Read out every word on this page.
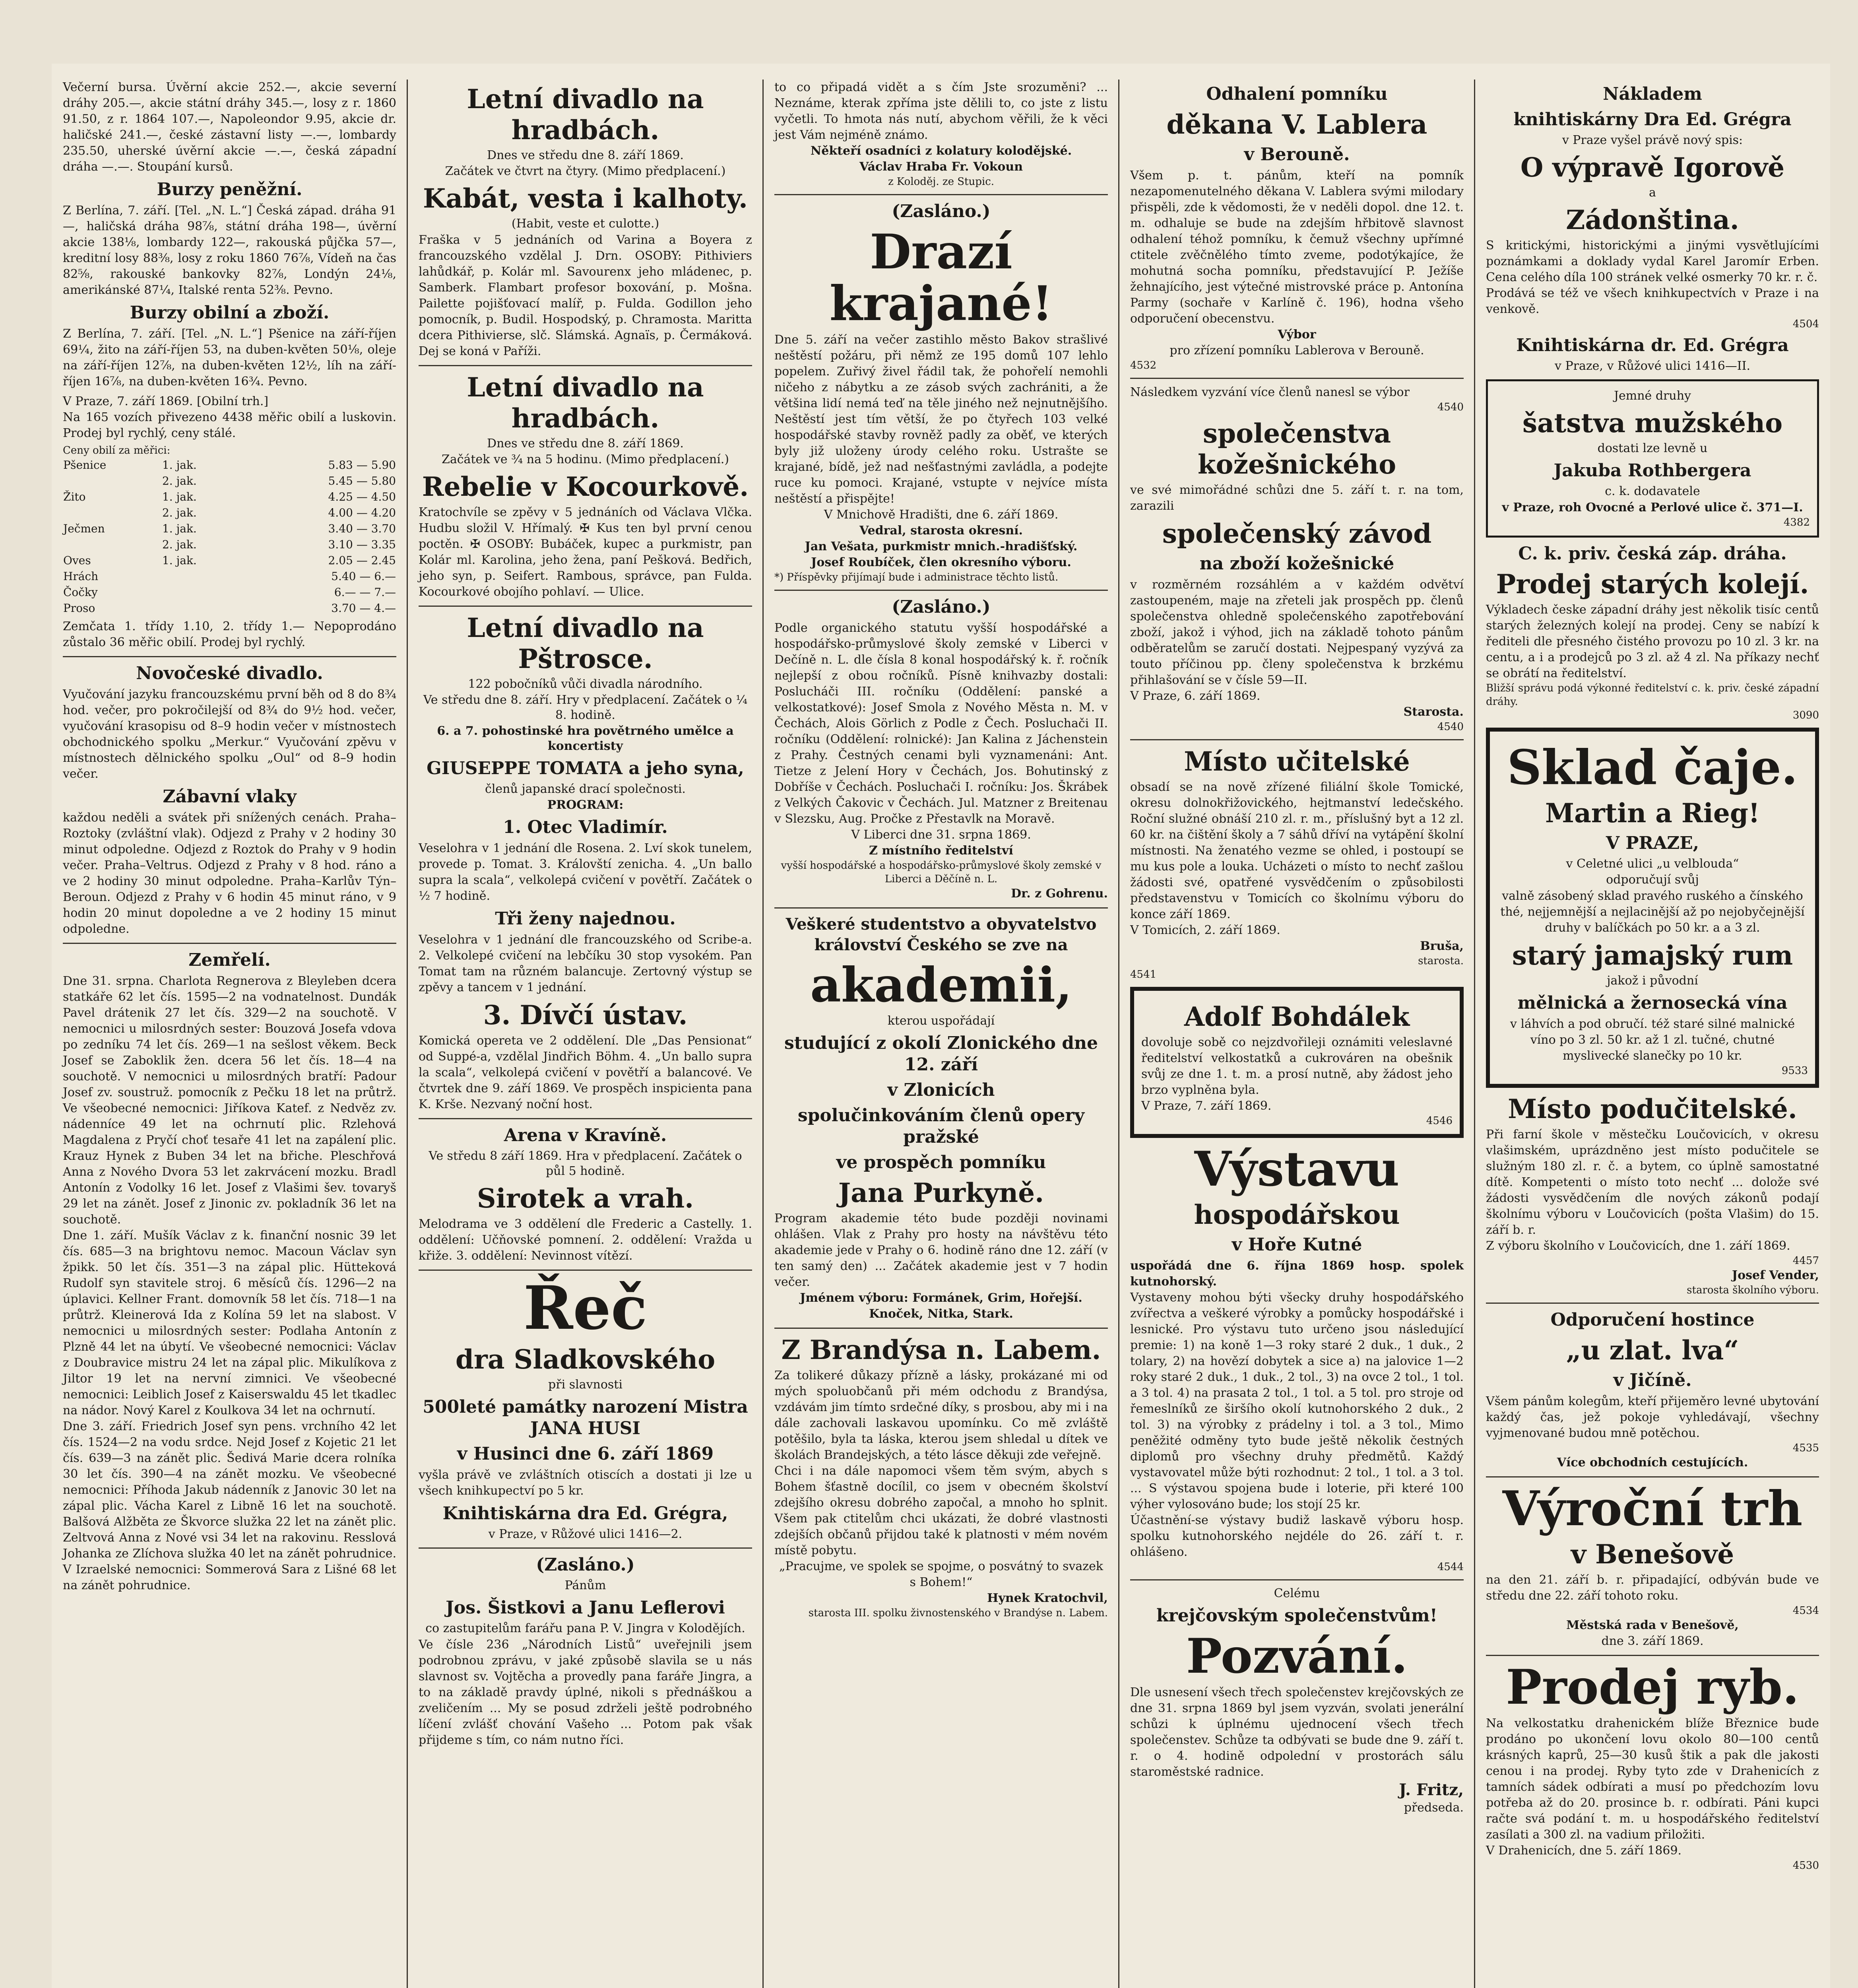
Večerní bursa. Úvěrní akcie 252.—, akcie severní dráhy 205.—, akcie státní dráhy 345.—, losy z r. 1860 91.50, z r. 1864 107.—, Napoleondor 9.95, akcie dr. haličské 241.—, české zástavní listy —.—, lombardy 235.50, uherské úvěrní akcie —.—, česká západní dráha —.—. Stoupání kursů.

Burzy peněžní.

Z Berlína, 7. září. [Tel. „N. L.“] Česká západ. dráha 91—, haličská dráha 98⅞, státní dráha 198—, úvěrní akcie 138⅛, lombardy 122—, rakouská půjčka 57—, kreditní losy 88⅜, losy z roku 1860 76⅞, Vídeň na čas 82⅝, rakouské bankovky 82⅞, Londýn 24⅛, amerikánské 87¼, Italské renta 52⅜. Pevno.

Burzy obilní a zboží.

Z Berlína, 7. září. [Tel. „N. L.“] Pšenice na září-říjen 69¼, žito na září-říjen 53, na duben-květen 50⅛, oleje na září-říjen 12⅞, na duben-květen 12½, líh na září-říjen 16⅞, na duben-květen 16¾. Pevno.

V Praze, 7. září 1869. [Obilní trh.]

Na 165 vozích přivezeno 4438 měřic obilí a luskovin. Prodej byl rychlý, ceny stálé.

Ceny obilí za měřici:

Pšenice	1. jak.	5.83 — 5.90
	2. jak.	5.45 — 5.80
Žito	1. jak.	4.25 — 4.50
	2. jak.	4.00 — 4.20
Ječmen	1. jak.	3.40 — 3.70
	2. jak.	3.10 — 3.35
Oves	1. jak.	2.05 — 2.45
Hrách		5.40 — 6.—
Čočky		6.— — 7.—
Proso		3.70 — 4.—

Zemčata 1. třídy 1.10, 2. třídy 1.— Nepoprodáno zůstalo 36 měřic obilí. Prodej byl rychlý.

Novočeské divadlo.

Vyučování jazyku francouzskému první běh od 8 do 8¾ hod. večer, pro pokročilejší od 8¾ do 9½ hod. večer, vyučování krasopisu od 8–9 hodin večer v místnostech obchodnického spolku „Merkur.“ Vyučování zpěvu v místnostech dělnického spolku „Oul“ od 8–9 hodin večer.

Zábavní vlaky

každou neděli a svátek při snížených cenách. Praha–Roztoky (zvláštní vlak). Odjezd z Prahy v 2 hodiny 30 minut odpoledne. Odjezd z Roztok do Prahy v 9 hodin večer. Praha–Veltrus. Odjezd z Prahy v 8 hod. ráno a ve 2 hodiny 30 minut odpoledne. Praha–Karlův Týn–Beroun. Odjezd z Prahy v 6 hodin 45 minut ráno, v 9 hodin 20 minut dopoledne a ve 2 hodiny 15 minut odpoledne.

Zemřelí.

Dne 31. srpna. Charlota Regnerova z Bleyleben dcera statkáře 62 let čís. 1595—2 na vodnatelnost. Dundák Pavel drátenik 27 let čís. 329—2 na souchotě. V nemocnici u milosrdných sester: Bouzová Josefa vdova po zedníku 74 let čís. 269—1 na sešlost věkem. Beck Josef se Zaboklik žen. dcera 56 let čís. 18—4 na souchotě. V nemocnici u milosrdných bratří: Padour Josef zv. soustruž. pomocník z Pečku 18 let na průtrž. Ve všeobecné nemocnici: Jiříkova Katef. z Nedvěz zv. nádenníce 49 let na ochrnutí plic. Rzlehová Magdalena z Pryčí choť tesaře 41 let na zapálení plic. Krauz Hynek z Buben 34 let na břiche. Pleschřová Anna z Nového Dvora 53 let zakrvácení mozku. Bradl Antonín z Vodolky 16 let. Josef z Vlašimi šev. tovaryš 29 let na zánět. Josef z Jinonic zv. pokladník 36 let na souchotě.

Dne 1. září. Mušík Václav z k. finanční nosnic 39 let čís. 685—3 na brightovu nemoc. Macoun Václav syn žpikk. 50 let čís. 351—3 na zápal plic. Hütteková Rudolf syn stavitele stroj. 6 měsíců čís. 1296—2 na úplavici. Kellner Frant. domovník 58 let čís. 718—1 na průtrž. Kleinerová Ida z Kolína 59 let na slabost. V nemocnici u milosrdných sester: Podlaha Antonín z Plzně 44 let na úbytí. Ve všeobecné nemocnici: Václav z Doubravice mistru 24 let na zápal plic. Mikulíkova z Jiltor 19 let na nervní zimnici. Ve všeobecné nemocnici: Leiblich Josef z Kaiserswaldu 45 let tkadlec na nádor. Nový Karel z Koulkova 34 let na ochrnutí.

Dne 3. září. Friedrich Josef syn pens. vrchního 42 let čís. 1524—2 na vodu srdce. Nejd Josef z Kojetic 21 let čís. 639—3 na zánět plic. Šedivá Marie dcera rolníka 30 let čís. 390—4 na zánět mozku. Ve všeobecné nemocnici: Příhoda Jakub nádenník z Janovic 30 let na zápal plic. Vácha Karel z Libně 16 let na souchotě. Balšová Alžběta ze Škvorce služka 22 let na zánět plic. Zeltvová Anna z Nové vsi 34 let na rakovinu. Resslová Johanka ze Zlíchova služka 40 let na zánět pohrudnice. V Izraelské nemocnici: Sommerová Sara z Lišné 68 let na zánět pohrudnice.

Letní divadlo na hradbách.
Dnes ve středu dne 8. září 1869.
Začátek ve čtvrt na čtyry. (Mimo předplacení.)
Kabát, vesta i kalhoty.
(Habit, veste et culotte.)

Fraška v 5 jednáních od Varina a Boyera z francouzského vzdělal J. Drn. OSOBY: Pithiviers lahůdkář, p. Kolár ml. Savourenx jeho mládenec, p. Samberk. Flambart profesor boxování, p. Mošna. Pailette pojišťovací malíř, p. Fulda. Godillon jeho pomocník, p. Budil. Hospodský, p. Chramosta. Maritta dcera Pithivierse, slč. Slámská. Agnaïs, p. Čermáková. Dej se koná v Paříži.

Letní divadlo na hradbách.
Dnes ve středu dne 8. září 1869.
Začátek ve ¾ na 5 hodinu. (Mimo předplacení.)
Rebelie v Kocourkově.

Kratochvíle se zpěvy v 5 jednáních od Václava Vlčka. Hudbu složil V. Hřímalý. ✠ Kus ten byl první cenou poctěn. ✠ OSOBY: Bubáček, kupec a purkmistr, pan Kolár ml. Karolina, jeho žena, paní Pešková. Bedřich, jeho syn, p. Seifert. Rambous, správce, pan Fulda. Kocourkové obojího pohlaví. — Ulice.

Letní divadlo na Pštrosce.
122 pobočníků vůči divadla národního.
Ve středu dne 8. září. Hry v předplacení. Začátek o ¼ 8. hodině.
6. a 7. pohostinské hra povětrného umělce a koncertisty
GIUSEPPE TOMATA a jeho syna,
členů japanské drací společnosti.
PROGRAM:
1. Otec Vladimír.

Veselohra v 1 jednání dle Rosena. 2. Lví skok tunelem, provede p. Tomat. 3. Královští zenicha. 4. „Un ballo supra la scala“, velkolepá cvičení v povětří. Začátek o ½ 7 hodině.

Tři ženy najednou.

Veselohra v 1 jednání dle francouzského od Scribe-a. 2. Velkolepé cvičení na lebčíku 30 stop vysokém. Pan Tomat tam na různém balancuje. Zertovný výstup se zpěvy a tancem v 1 jednání.

3. Dívčí ústav.

Komická opereta ve 2 oddělení. Dle „Das Pensionat“ od Suppé-a, vzdělal Jindřich Böhm. 4. „Un ballo supra la scala“, velkolepá cvičení v povětří a balancové. Ve čtvrtek dne 9. září 1869. Ve prospěch inspicienta pana K. Krše. Nezvaný noční host.

Arena v Kravíně.
Ve středu 8 září 1869. Hra v předplacení. Začátek o půl 5 hodině.
Sirotek a vrah.

Melodrama ve 3 oddělení dle Frederic a Castelly. 1. oddělení: Učňovské pomnení. 2. oddělení: Vražda u křiže. 3. oddělení: Nevinnost vítězí.

Řeč
dra Sladkovského
při slavnosti
500leté památky narození Mistra JANA HUSI
v Husinci dne 6. září 1869

vyšla právě ve zvláštních otiscích a dostati ji lze u všech knihkupectví po 5 kr.

Knihtiskárna dra Ed. Grégra,
v Praze, v Růžové ulici 1416—2.
(Zasláno.)
Pánům
Jos. Šistkovi a Janu Leflerovi
co zastupitelům farářu pana P. V. Jingra v Kolodějích.

Ve čísle 236 „Národních Listů“ uveřejnili jsem podrobnou zprávu, v jaké způsobě slavila se u nás slavnost sv. Vojtěcha a provedly pana faráře Jingra, a to na základě pravdy úplné, nikoli s přednáškou a zveličením ... My se posud zdrželi ještě podrobného líčení zvlášť chování Vašeho ... Potom pak však přijdeme s tím, co nám nutno říci.

to co připadá vidět a s čím Jste srozuměni? ... Neznáme, kterak zpříma jste dělili to, co jste z listu vyčetli. To hmota nás nutí, abychom věřili, že k věci jest Vám nejméně známo.

Někteří osadníci z kolatury kolodějské.

Václav Hraba Fr. Vokoun

z Koloděj. ze Stupic.

(Zasláno.)
Drazí krajané!

Dne 5. září na večer zastihlo město Bakov strašlivé neštěstí požáru, při němž ze 195 domů 107 lehlo popelem. Zuřivý živel řádil tak, že pohořelí nemohli ničeho z nábytku a ze zásob svých zachrániti, a že většina lidí nemá teď na těle jiného než nejnutnějšího. Neštěstí jest tím větší, že po čtyřech 103 velké hospodářské stavby rovněž padly za oběť, ve kterých byly již uloženy úrody celého roku. Ustrašte se krajané, bídě, jež nad nešťastnými zavládla, a podejte ruce ku pomoci. Krajané, vstupte v nejvíce místa neštěstí a přispějte!

V Mnichově Hradišti, dne 6. září 1869.

Vedral, starosta okresní.

Jan Vešata, purkmistr mnich.-hradišťský.

Josef Roubíček, člen okresního výboru.

*) Příspěvky přijímají bude i administrace těchto listů.

(Zasláno.)

Podle organického statutu vyšší hospodářské a hospodářsko-průmyslové školy zemské v Liberci v Dečíně n. L. dle čísla 8 konal hospodářský k. ř. ročník nejlepší z obou ročníků. Písně knihvazby dostali: Poslucháči III. ročníku (Oddělení: panské a velkostatkové): Josef Smola z Nového Města n. M. v Čechách, Alois Görlich z Podle z Čech. Posluchači II. ročníku (Oddělení: rolnické): Jan Kalina z Jáchenstein z Prahy. Čestných cenami byli vyznamenáni: Ant. Tietze z Jelení Hory v Čechách, Jos. Bohutinský z Dobříše v Čechách. Posluchači I. ročníku: Jos. Škrábek z Velkých Čakovic v Čechách. Jul. Matzner z Breitenau v Slezsku, Aug. Pročke z Přestavlk na Moravě.

V Liberci dne 31. srpna 1869.

Z místního ředitelství

vyšší hospodářské a hospodářsko-průmyslové školy zemské v Liberci a Děčíně n. L.

Dr. z Gohrenu.

Veškeré studentstvo a obyvatelstvo království Českého se zve na

akademii,
kterou uspořádají
studující z okolí Zlonického dne 12. září
v Zlonicích
spolučinkováním členů opery pražské
ve prospěch pomníku
Jana Purkyně.

Program akademie této bude později novinami ohlášen. Vlak z Prahy pro hosty na návštěvu této akademie jede v Prahy o 6. hodině ráno dne 12. září (v ten samý den) ... Začátek akademie jest v 7 hodin večer.

Jménem výboru: Formánek, Grim, Hořejší. Knoček, Nitka, Stark.

Z Brandýsa n. Labem.

Za tolikeré důkazy přízně a lásky, prokázané mi od mých spoluobčanů při mém odchodu z Brandýsa, vzdávám jim tímto srdečné díky, s prosbou, aby mi i na dále zachovali laskavou upomínku. Co mě zvláště potěšilo, byla ta láska, kterou jsem shledal u dítek ve školách Brandejských, a této lásce děkuji zde veřejně.

Chci i na dále napomoci všem těm svým, abych s Bohem šťastně docílil, co jsem v obecném školství zdejšího okresu dobrého započal, a mnoho ho splnit. Všem pak ctitelům chci ukázati, že dobré vlastnosti zdejších občanů přijdou také k platnosti v mém novém místě pobytu.

„Pracujme, ve spolek se spojme, o posvátný to svazek s Bohem!“

Hynek Kratochvil,

starosta III. spolku živnostenského v Brandýse n. Labem.

Odhalení pomníku
děkana V. Lablera
v Berouně.

Všem p. t. pánům, kteří na pomník nezapomenutelného děkana V. Lablera svými milodary přispěli, zde k vědomosti, že v neděli dopol. dne 12. t. m. odhaluje se bude na zdejším hřbitově slavnost odhalení téhož pomníku, k čemuž všechny upřímné ctitele zvěčnělého tímto zveme, podotýkajíce, že mohutná socha pomníku, představující P. Ježíše žehnajícího, jest výtečné mistrovské práce p. Antonína Parmy (sochaře v Karlíně č. 196), hodna všeho odporučení obecenstvu.

Výbor

pro zřízení pomníku Lablerova v Berouně.

4532

Následkem vyzvání více členů nanesl se výbor

4540

společenstva kožešnického

ve své mimořádné schůzi dne 5. září t. r. na tom, zarazili

společenský závod
na zboží kožešnické

v rozměrném rozsáhlém a v každém odvětví zastoupeném, maje na zřeteli jak prospěch pp. členů společenstva ohledně společenského zapotřebování zboží, jakož i výhod, jich na základě tohoto pánům odběratelům se zaručí dostati. Nejpespaný vyzývá za touto příčinou pp. členy společenstva k brzkému přihlašování se v čísle 59—II.

V Praze, 6. září 1869.

Starosta.

4540

Místo učitelské

obsadí se na nově zřízené filiální škole Tomické, okresu dolnokřižovického, hejtmanství ledečského. Roční služné obnáší 210 zl. r. m., příslušný byt a 12 zl. 60 kr. na čištění školy a 7 sáhů dříví na vytápění školní místnosti. Na ženatého vezme se ohled, i postoupí se mu kus pole a louka. Ucházeti o místo to nechť zašlou žádosti své, opatřené vysvědčením o způsobilosti představenstvu v Tomicích co školnímu výboru do konce září 1869.

V Tomicích, 2. září 1869.

Bruša,

starosta.

4541

Adolf Bohdálek

dovoluje sobě co nejzdvořileji oznámiti veleslavné ředitelství velkostatků a cukrováren na obešnik svůj ze dne 1. t. m. a prosí nutně, aby žádost jeho brzo vyplněna byla.

V Praze, 7. září 1869.

4546

Výstavu
hospodářskou
v Hoře Kutné

uspořádá dne 6. října 1869 hosp. spolek kutnohorský.

Vystaveny mohou býti všecky druhy hospodářského zvířectva a veškeré výrobky a pomůcky hospodářské i lesnické. Pro výstavu tuto určeno jsou následující premie: 1) na koně 1—3 roky staré 2 duk., 1 duk., 2 tolary, 2) na hovězí dobytek a sice a) na jalovice 1—2 roky staré 2 duk., 1 duk., 2 tol., 3) na ovce 2 tol., 1 tol. a 3 tol. 4) na prasata 2 tol., 1 tol. a 5 tol. pro stroje od řemeslníků ze širšího okolí kutnohorského 2 duk., 2 tol. 3) na výrobky z prádelny i tol. a 3 tol., Mimo peněžité odměny tyto bude ještě několik čestných diplomů pro všechny druhy předmětů. Každý vystavovatel může býti rozhodnut: 2 tol., 1 tol. a 3 tol. ... S výstavou spojena bude i loterie, při které 100 výher vylosováno bude; los stojí 25 kr.

Účastnění-se výstavy budiž laskavě výboru hosp. spolku kutnohorského nejdéle do 26. září t. r. ohlášeno.

4544

Celému
krejčovským společenstvům!
Pozvání.

Dle usnesení všech třech společenstev krejčovských ze dne 31. srpna 1869 byl jsem vyzván, svolati jenerální schůzi k úplnému ujednocení všech třech společenstev. Schůze ta odbývati se bude dne 9. září t. r. o 4. hodině odpolední v prostorách sálu staroměstské radnice.

J. Fritz,

předseda.

Nákladem
knihtiskárny Dra Ed. Grégra
v Praze vyšel právě nový spis:
O výpravě Igorově
a
Zádonština.

S kritickými, historickými a jinými vysvětlujícími poznámkami a doklady vydal Karel Jaromír Erben. Cena celého díla 100 stránek velké osmerky 70 kr. r. č.

Prodává se též ve všech knihkupectvích v Praze i na venkově.

4504

Knihtiskárna dr. Ed. Grégra
v Praze, v Růžové ulici 1416—II.
Jemné druhy
šatstva mužského
dostati lze levně u
Jakuba Rothbergera
c. k. dodavatele

v Praze, roh Ovocné a Perlové ulice č. 371—I.

4382

C. k. priv. česká záp. dráha.
Prodej starých kolejí.

Výkladech česke západní dráhy jest několik tisíc centů starých železných kolejí na prodej. Ceny se nabízí k řediteli dle přesného čistého provozu po 10 zl. 3 kr. na centu, a i a prodejců po 3 zl. až 4 zl. Na příkazy nechť se obrátí na ředitelství.

Bližší správu podá výkonné ředitelství c. k. priv. české západní dráhy.

3090

Sklad čaje.
Martin a Rieg!
V PRAZE,
v Celetné ulici „u velbloudа“
odporučují svůj

valně zásobený sklad pravého ruského a čínského thé, nejjemnější a nejlacinější až po nejobyčejnější druhy v balíčkách po 50 kr. a a 3 zl.

starý jamajský rum
jakož i původní
mělnická a žernosecká vína

v láhvích a pod obručí. též staré silné malnické víno po 3 zl. 50 kr. až 1 zl. tučné, chutné myslivecké slanečky po 10 kr.

9533

Místo podučitelské.

Při farní škole v městečku Loučovicích, v okresu vlašimském, uprázdněno jest místo podučitele se služným 180 zl. r. č. a bytem, co úplně samostatné dítě. Kompetenti o místo toto nechť ... dolože své žádosti vysvědčením dle nových zákonů podají školnímu výboru v Loučovicích (pošta Vlašim) do 15. září b. r.

Z výboru školního v Loučovicích, dne 1. září 1869.

4457

Josef Vender,

starosta školního výboru.

Odporučení hostince
„u zlat. lva“
v Jičíně.

Všem pánům kolegům, kteří přijeměro levné ubytování každý čas, jež pokoje vyhledávají, všechny vyjmenované budou mně potěchou.

4535

Více obchodních cestujících.

Výroční trh
v Benešově

na den 21. září b. r. připadající, odbýván bude ve středu dne 22. září tohoto roku.

4534

Městská rada v Benešově,

dne 3. září 1869.

Prodej ryb.

Na velkostatku drahenickém blíže Březnice bude prodáno po ukončení lovu okolo 80—100 centů krásných kaprů, 25—30 kusů štik a pak dle jakosti cenou i na prodej. Ryby tyto zde v Drahenicích z tamních sádek odbírati a musí po předchozím lovu potřeba až do 20. prosince b. r. odbírati. Páni kupci račte svá podání t. m. u hospodářského ředitelství zasílati a 300 zl. na vadium přiložiti.

V Drahenicích, dne 5. září 1869.

4530
